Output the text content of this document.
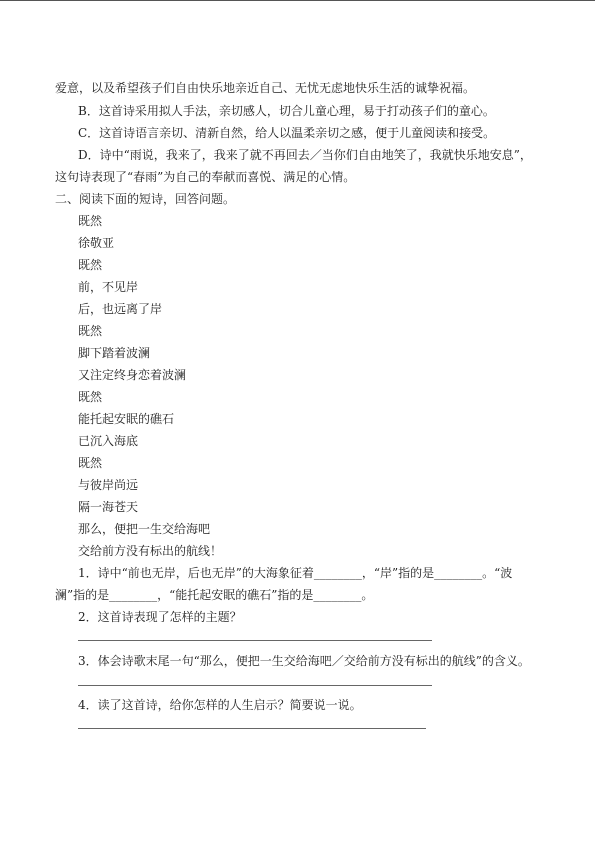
爱意，以及希望孩子们自由快乐地亲近自己、无忧无虑地快乐生活的诚挚祝福。
B．这首诗采用拟人手法，亲切感人，切合儿童心理，易于打动孩子们的童心。
C．这首诗语言亲切、清新自然，给人以温柔亲切之感，便于儿童阅读和接受。
D．诗中“雨说，我来了，我来了就不再回去／当你们自由地笑了，我就快乐地安息”，
这句诗表现了“春雨”为自己的奉献而喜悦、满足的心情。
二、阅读下面的短诗，回答问题。
既然
徐敬亚
既然
前，不见岸
后，也远离了岸
既然
脚下踏着波澜
又注定终身恋着波澜
既然
能托起安眠的礁石
已沉入海底
既然
与彼岸尚远
隔一海苍天
那么，便把一生交给海吧
交给前方没有标出的航线！
1．诗中“前也无岸，后也无岸”的大海象征着________，“岸”指的是________。“波
澜”指的是________，“能托起安眠的礁石”指的是________。
2．这首诗表现了怎样的主题？
3．体会诗歌末尾一句“那么，便把一生交给海吧／交给前方没有标出的航线”的含义。
4．读了这首诗，给你怎样的人生启示？简要说一说。
